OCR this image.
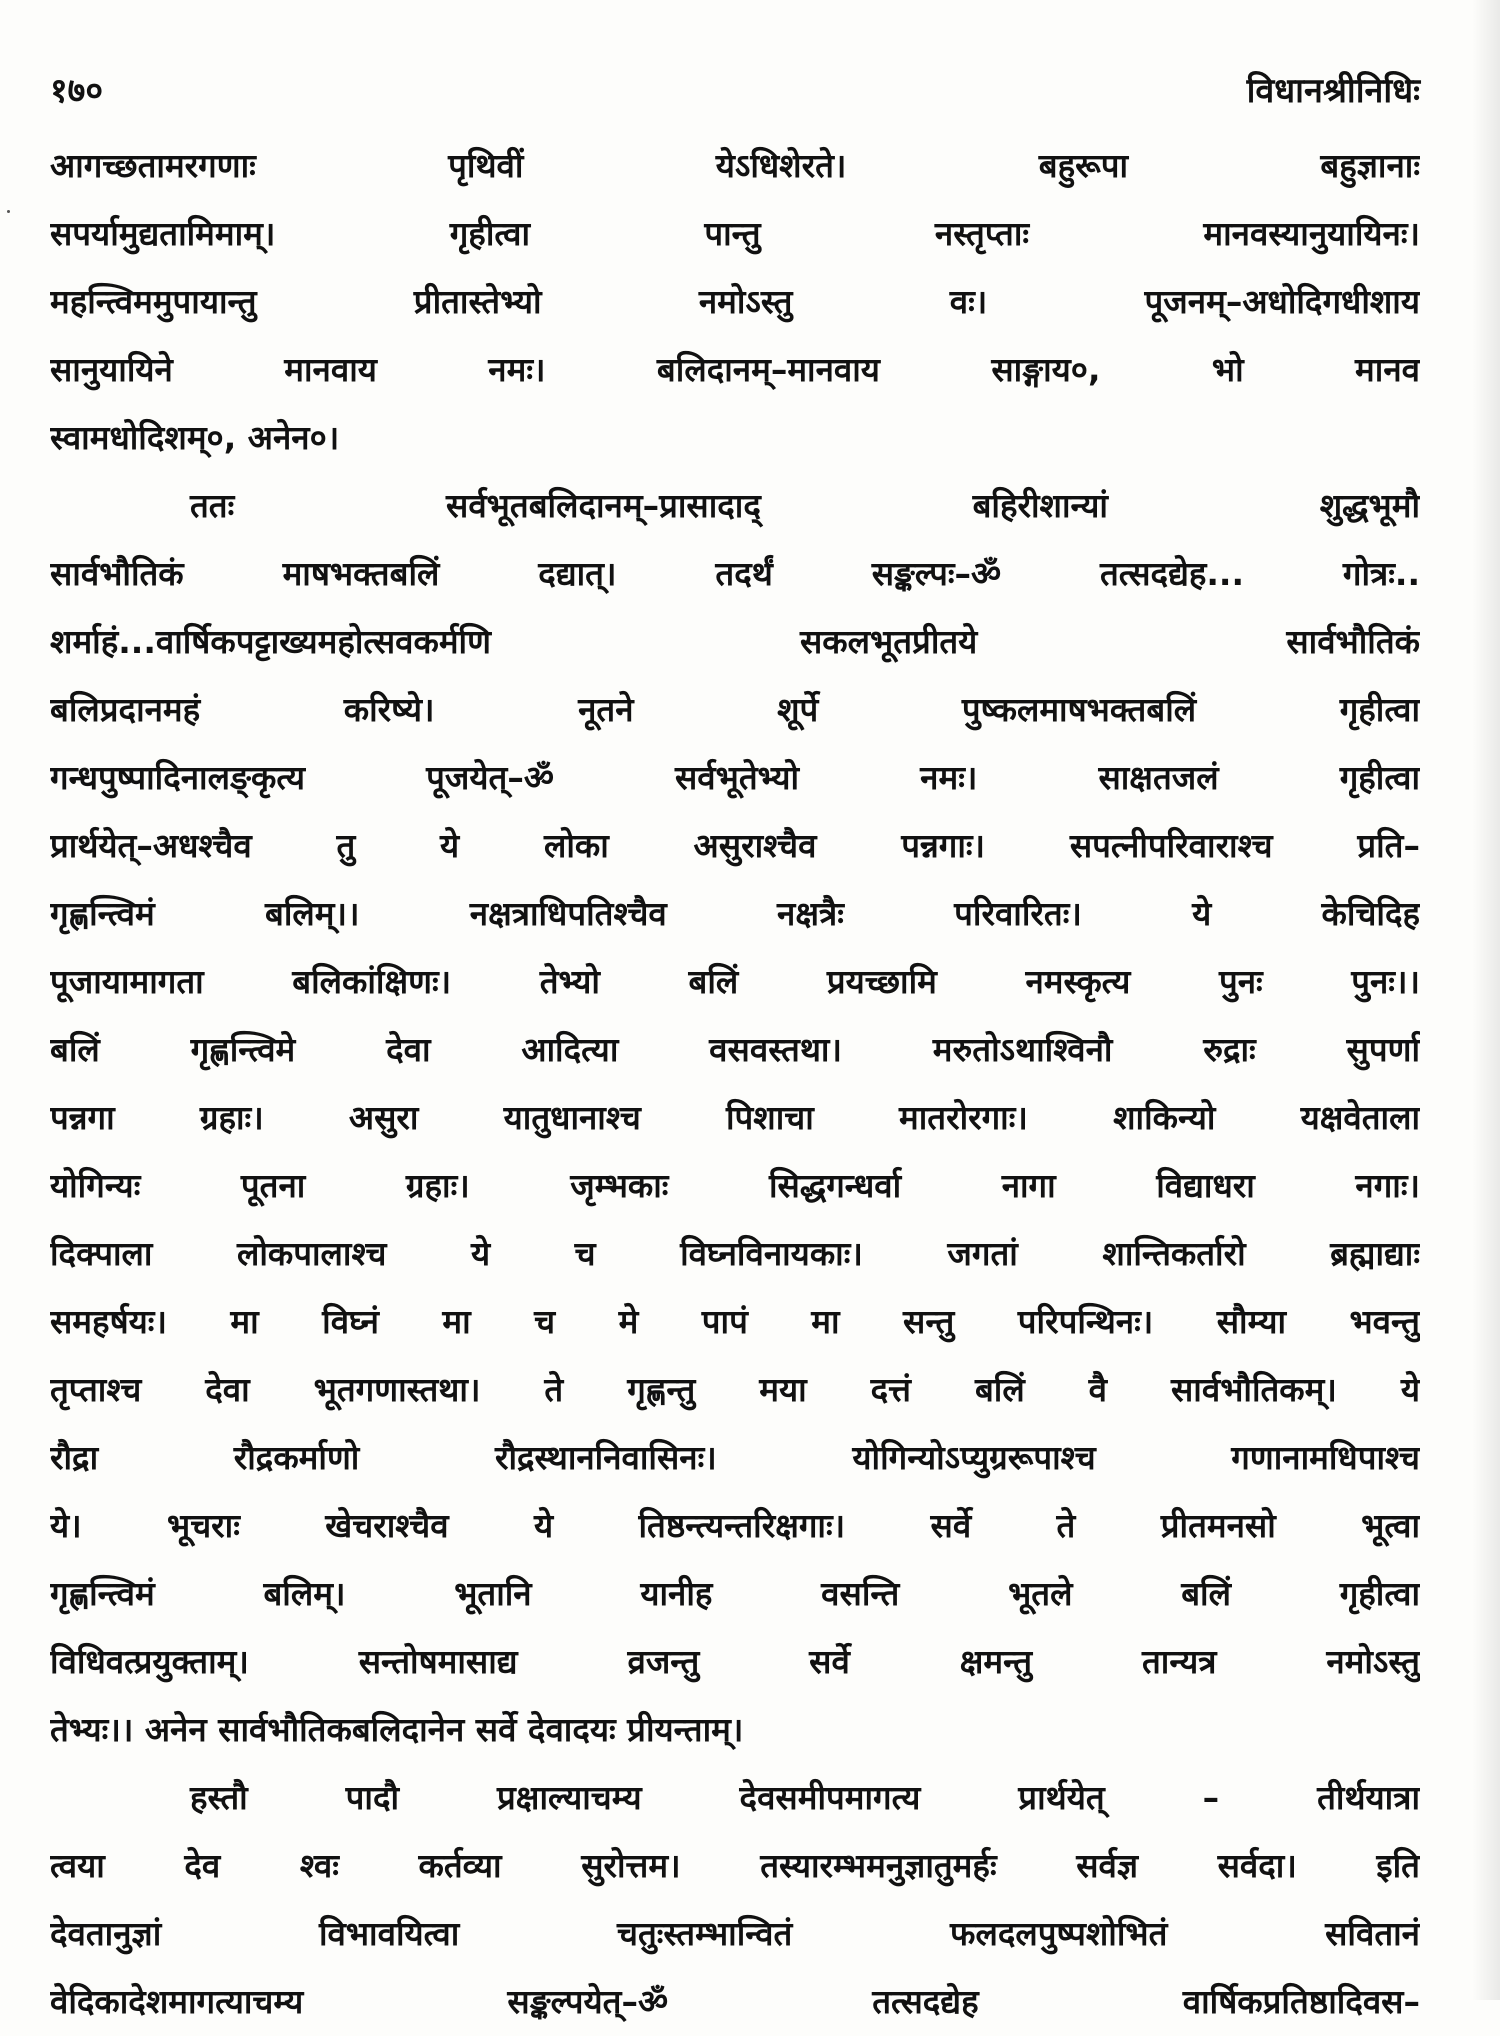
१७०	विधानश्रीनिधिः
आगच्छतामरगणाः पृथिवीं येऽधिशेरते। बहुरूपा बहुज्ञानाः
सपर्यामुद्यतामिमाम्। गृहीत्वा पान्तु नस्तृप्ताः मानवस्यानुयायिनः।
महन्त्विममुपायान्तु प्रीतास्तेभ्यो नमोऽस्तु वः। पूजनम्–अधोदिगधीशाय
सानुयायिने मानवाय नमः। बलिदानम्–मानवाय साङ्गाय०, भो मानव
स्वामधोदिशम्०, अनेन०।
ततः सर्वभूतबलिदानम्–प्रासादाद् बहिरीशान्यां शुद्धभूमौ
सार्वभौतिकं माषभक्तबलिं दद्यात्। तदर्थं सङ्कल्पः–ॐ तत्सदद्येह... गोत्रः..
शर्माहं...वार्षिकपट्टाख्यमहोत्सवकर्मणि सकलभूतप्रीतये सार्वभौतिकं
बलिप्रदानमहं करिष्ये। नूतने शूर्पे पुष्कलमाषभक्तबलिं गृहीत्वा
गन्धपुष्पादिनालङ्कृत्य पूजयेत्–ॐ सर्वभूतेभ्यो नमः। साक्षतजलं गृहीत्वा
प्रार्थयेत्–अधश्चैव तु ये लोका असुराश्चैव पन्नगाः। सपत्नीपरिवाराश्च प्रति–
गृह्णन्त्विमं बलिम्।। नक्षत्राधिपतिश्चैव नक्षत्रैः परिवारितः। ये केचिदिह
पूजायामागता बलिकांक्षिणः। तेभ्यो बलिं प्रयच्छामि नमस्कृत्य पुनः पुनः।।
बलिं गृह्णन्त्विमे देवा आदित्या वसवस्तथा। मरुतोऽथाश्विनौ रुद्राः सुपर्णा
पन्नगा ग्रहाः। असुरा यातुधानाश्च पिशाचा मातरोरगाः। शाकिन्यो यक्षवेताला
योगिन्यः पूतना ग्रहाः। जृम्भकाः सिद्धगन्धर्वा नागा विद्याधरा नगाः।
दिक्पाला लोकपालाश्च ये च विघ्नविनायकाः। जगतां शान्तिकर्तारो ब्रह्माद्याः
समहर्षयः। मा विघ्नं मा च मे पापं मा सन्तु परिपन्थिनः। सौम्या भवन्तु
तृप्ताश्च देवा भूतगणास्तथा। ते गृह्णन्तु मया दत्तं बलिं वै सार्वभौतिकम्। ये
रौद्रा रौद्रकर्माणो रौद्रस्थाननिवासिनः। योगिन्योऽप्युग्ररूपाश्च गणानामधिपाश्च
ये। भूचराः खेचराश्चैव ये तिष्ठन्त्यन्तरिक्षगाः। सर्वे ते प्रीतमनसो भूत्वा
गृह्णन्त्विमं बलिम्। भूतानि यानीह वसन्ति भूतले बलिं गृहीत्वा
विधिवत्प्रयुक्ताम्। सन्तोषमासाद्य व्रजन्तु सर्वे क्षमन्तु तान्यत्र नमोऽस्तु
तेभ्यः।। अनेन सार्वभौतिकबलिदानेन सर्वे देवादयः प्रीयन्ताम्।
हस्तौ पादौ प्रक्षाल्याचम्य देवसमीपमागत्य प्रार्थयेत् – तीर्थयात्रा
त्वया देव श्वः कर्तव्या सुरोत्तम। तस्यारम्भमनुज्ञातुमर्हः सर्वज्ञ सर्वदा। इति
देवतानुज्ञां विभावयित्वा चतुःस्तम्भान्वितं फलदलपुष्पशोभितं सवितानं
वेदिकादेशमागत्याचम्य सङ्कल्पयेत्–ॐ तत्सदद्येह वार्षिकप्रतिष्ठादिवस–
